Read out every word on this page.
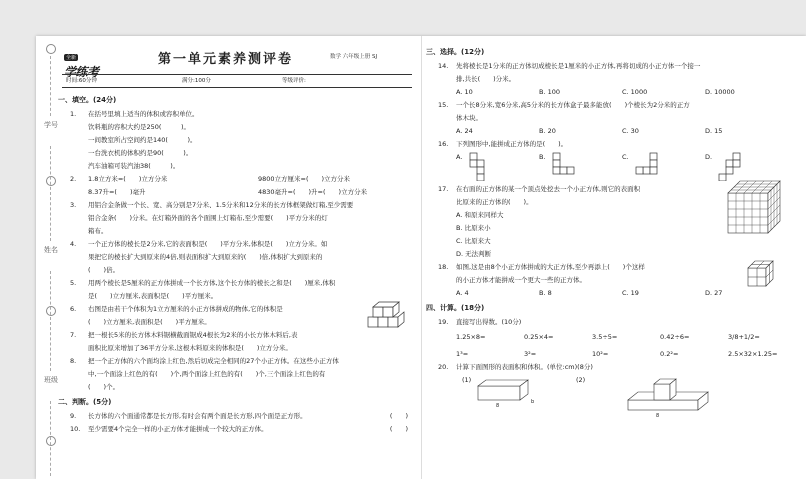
学号
姓名
班级
全新
学练考
第一单元素养测评卷	数学 六年级上册 SJ
时间:60分钟	满分:100分	等级评价:
一、填空。(24分)
1. 在括号里填上适当的体积或容积单位。
饮料瓶的容积大约是250(　　　)。
一间教室所占空间约是140(　　　)。
一台洗衣机的体积约是90(　　　)。
汽车油箱可装汽油38(　　　)。
2. 1.8立方米=(　　)立方分米	9800立方厘米=(　　)立方分米
8.37升=(　　)毫升	4830毫升=(　　)升=(　　)立方分米
3. 用铝合金条做一个长、宽、高分别是7分米、1.5分米和12分米的长方体框架做灯箱,至少需要
铝合金条(　　)分米。在灯箱外面的各个面围上灯箱布,至少需要(　　)平方分米的灯
箱布。
4. 一个正方体的棱长是2分米,它的表面积是(　　)平方分米,体积是(　　)立方分米。如
果把它的棱长扩大到原来的4倍,则表面积扩大到原来的(　　)倍,体积扩大到原来的
(　　)倍。
5. 用两个棱长是5厘米的正方体拼成一个长方体,这个长方体的棱长之和是(　　)厘米,体积
是(　　)立方厘米,表面积是(　　)平方厘米。
6. 右图是由若干个体积为1立方厘米的小正方体拼成的物体,它的体积是
(　　)立方厘米,表面积是(　　)平方厘米。
7. 把一根长5米的长方体木料锯横截面锯成4根长为2米的小长方体木料后,表
面积比原来增加了36平方分米,这根木料原来的体积是(　　)立方分米。
8. 把一个正方体的六个面均涂上红色,然后切成完全相同的27个小正方体。在这些小正方体
中,一个面涂上红色的有(　　)个,两个面涂上红色的有(　　)个,三个面涂上红色的有
(　　)个。
二、判断。(5分)
9. 长方体的六个面通常都是长方形,有时会有两个面是长方形,四个面是正方形。	(　　)
10. 至少需要4个完全一样的小正方体才能拼成一个较大的正方体。	(　　)
三、选择。(12分)
14. 先将棱长是1分米的正方体切成棱长是1厘米的小正方体,再将切成的小正方体一个接一
排,共长(　　)分米。
A. 10	B. 100	C. 1000	D. 10000
15. 一个长8分米,宽6分米,高5分米的长方体盒子最多能放(　　)个棱长为2分米的正方
体木块。
A. 24	B. 20	C. 30	D. 15
16. 下列图形中,能拼成正方体的是(　　)。
A.	B.	C.	D.
17. 在右面的正方体的某一个顶点处挖去一个小正方体,则它的表面积
比原来的正方体的(　　)。
A. 和原来同样大
B. 比原来小
C. 比原来大
D. 无法判断
18. 如图,这是由8个小正方体拼成的大正方体,至少再添上(　　)个这样
的小正方体才能拼成一个更大一些的正方体。
A. 4	B. 8	C. 19	D. 27
四、计算。(18分)
19. 直接写出得数。(10分)
1.25×8=	0.25×4=	3.5÷5=	0.42÷6=	3/8+1/2=
1³=	3²=	10²=	0.2²=	2.5×32×1.25=
20. 计算下面图形的表面积和体积。(单位:cm)(8分)
(1)
8
b
(2)
8
